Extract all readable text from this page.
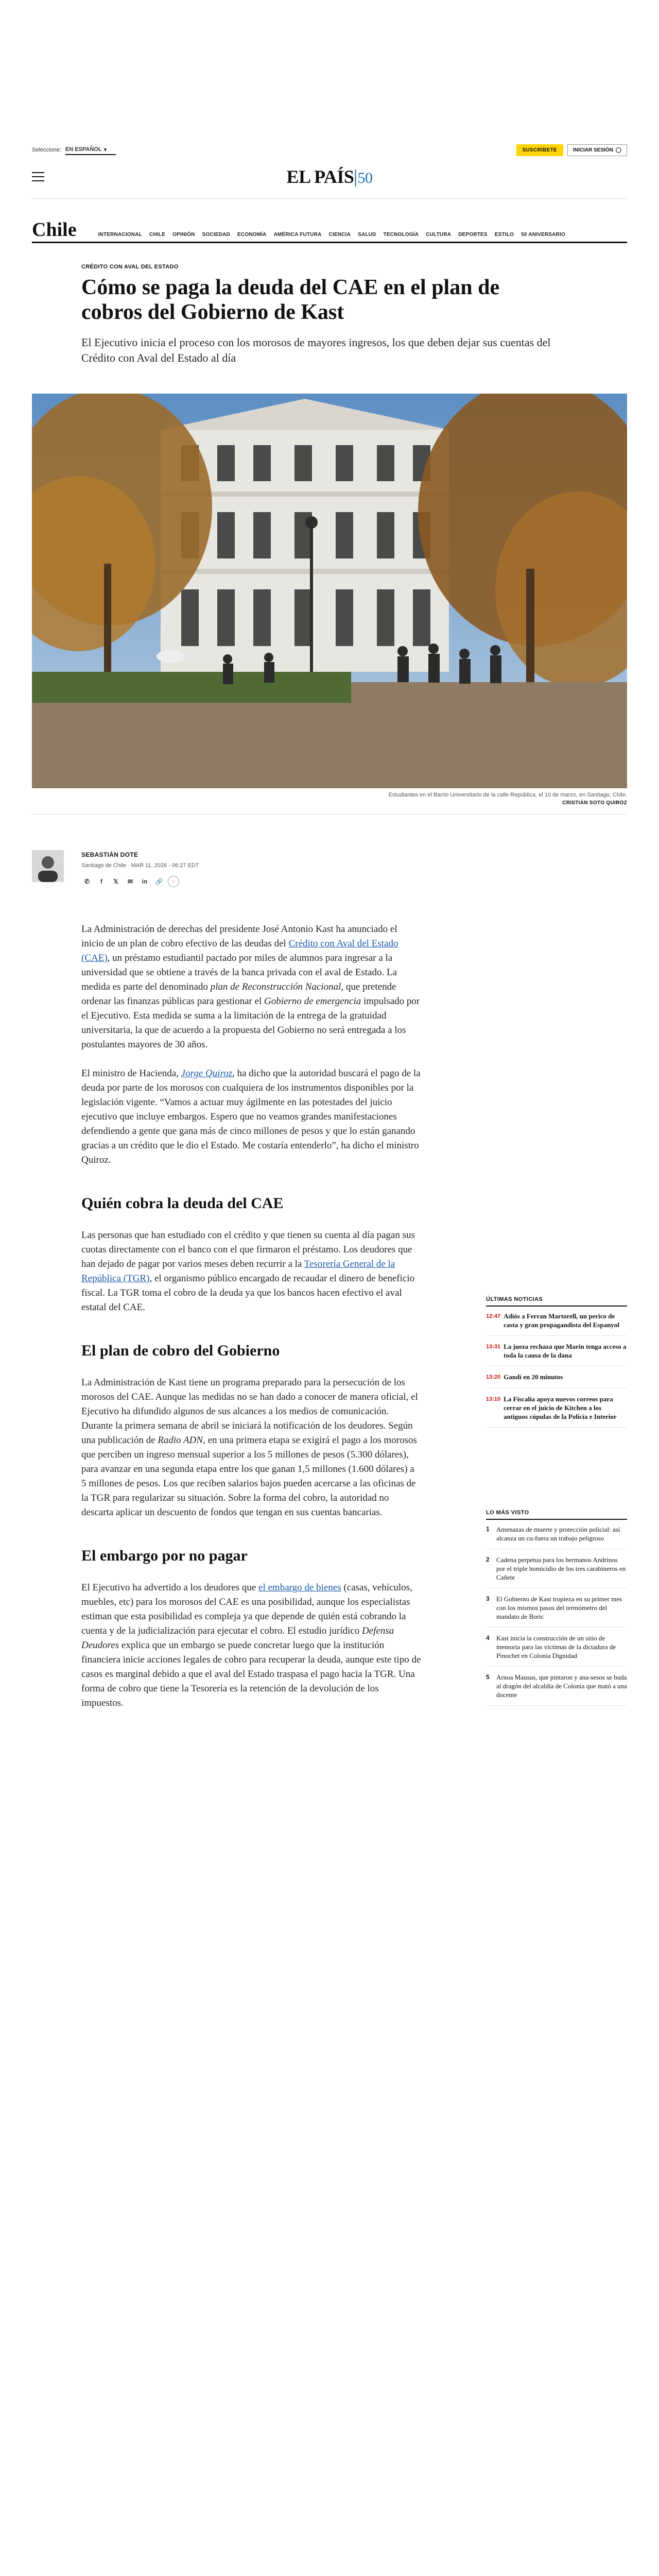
Seleccione: EN ESPAÑOL ▾	SUSCRÍBETE	INICIAR SESIÓN ◯
EL PAÍS 50
Chile	INTERNACIONAL CHILE OPINIÓN SOCIEDAD ECONOMÍA AMÉRICA FUTURA CIENCIA SALUD TECNOLOGÍA CULTURA DEPORTES ESTILO 50 ANIVERSARIO
CRÉDITO CON AVAL DEL ESTADO
Cómo se paga la deuda del CAE en el plan de cobros del Gobierno de Kast
El Ejecutivo inicia el proceso con los morosos de mayores ingresos, los que deben dejar sus cuentas del Crédito con Aval del Estado al día
Estudiantes en el Barrio Universitario de la calle República, el 10 de marzo, en Santiago, Chile.
CRISTIÁN SOTO QUIROZ
SEBASTIÁN DOTE
Santiago de Chile · MAR 11, 2026 - 06:27 EDT
✆	f	𝕏	✉	in	🔗	◌

La Administración de derechas del presidente José Antonio Kast ha anunciado el inicio de un plan de cobro efectivo de las deudas del Crédito con Aval del Estado (CAE), un préstamo estudiantil pactado por miles de alumnos para ingresar a la universidad que se obtiene a través de la banca privada con el aval de Estado. La medida es parte del denominado plan de Reconstrucción Nacional, que pretende ordenar las finanzas públicas para gestionar el Gobierno de emergencia impulsado por el Ejecutivo. Esta medida se suma a la limitación de la entrega de la gratuidad universitaria, la que de acuerdo a la propuesta del Gobierno no será entregada a los postulantes mayores de 30 años.

El ministro de Hacienda, Jorge Quiroz, ha dicho que la autoridad buscará el pago de la deuda por parte de los morosos con cualquiera de los instrumentos disponibles por la legislación vigente. “Vamos a actuar muy ágilmente en las potestades del juicio ejecutivo que incluye embargos. Espero que no veamos grandes manifestaciones defendiendo a gente que gana más de cinco millones de pesos y que lo están ganando gracias a un crédito que le dio el Estado. Me costaría entenderlo”, ha dicho el ministro Quiroz.

Quién cobra la deuda del CAE

Las personas que han estudiado con el crédito y que tienen su cuenta al día pagan sus cuotas directamente con el banco con el que firmaron el préstamo. Los deudores que han dejado de pagar por varios meses deben recurrir a la Tesorería General de la República (TGR), el organismo público encargado de recaudar el dinero de beneficio fiscal. La TGR toma el cobro de la deuda ya que los bancos hacen efectivo el aval estatal del CAE.

El plan de cobro del Gobierno

La Administración de Kast tiene un programa preparado para la persecución de los morosos del CAE. Aunque las medidas no se han dado a conocer de manera oficial, el Ejecutivo ha difundido algunos de sus alcances a los medios de comunicación. Durante la primera semana de abril se iniciará la notificación de los deudores. Según una publicación de Radio ADN, en una primera etapa se exigirá el pago a los morosos que perciben un ingreso mensual superior a los 5 millones de pesos (5.300 dólares), para avanzar en una segunda etapa entre los que ganan 1,5 millones (1.600 dólares) a 5 millones de pesos. Los que reciben salarios bajos pueden acercarse a las oficinas de la TGR para regularizar su situación. Sobre la forma del cobro, la autoridad no descarta aplicar un descuento de fondos que tengan en sus cuentas bancarias.

El embargo por no pagar

El Ejecutivo ha advertido a los deudores que el embargo de bienes (casas, vehículos, muebles, etc) para los morosos del CAE es una posibilidad, aunque los especialistas estiman que esta posibilidad es compleja ya que depende de quién está cobrando la cuenta y de la judicialización para ejecutar el cobro. El estudio jurídico Defensa Deudores explica que un embargo se puede concretar luego que la institución financiera inicie acciones legales de cobro para recuperar la deuda, aunque este tipo de casos es marginal debido a que el aval del Estado traspasa el pago hacia la TGR. Una forma de cobro que tiene la Tesorería es la retención de la devolución de los impuestos.

ÚLTIMAS NOTICIAS
12:47 Adiós a Ferran Martorell, un perico de casta y gran propagandista del Espanyol
13:31 La jueza rechaza que Marín tenga acceso a toda la causa de la dana
13:20 Gandí en 20 minutos
13:10 La Fiscalía apoya nuevos correos para cerrar en el juicio de Kitchen a los antiguos cúpulas de la Policía e Interior
LO MÁS VISTO
1	Amenazas de muerte y protección policial: así alcanza un cu-fuera un trabajo peligroso
2	Cadena perpetua para los hermanos Andrinos por el triple homicidio de los tres carabineros en Cañete
3	El Gobierno de Kast tropieza en su primer mes con los mismos pasos del termómetro del mandato de Boric
4	Kast inicia la construcción de un sitio de memoria para las víctimas de la dictadura de Pinochet en Colonia Dignidad
5	Arnoa Mausus, que pintaron y ana-sesos se buda al dragón del alcaldía de Colonia que mató a una docente
